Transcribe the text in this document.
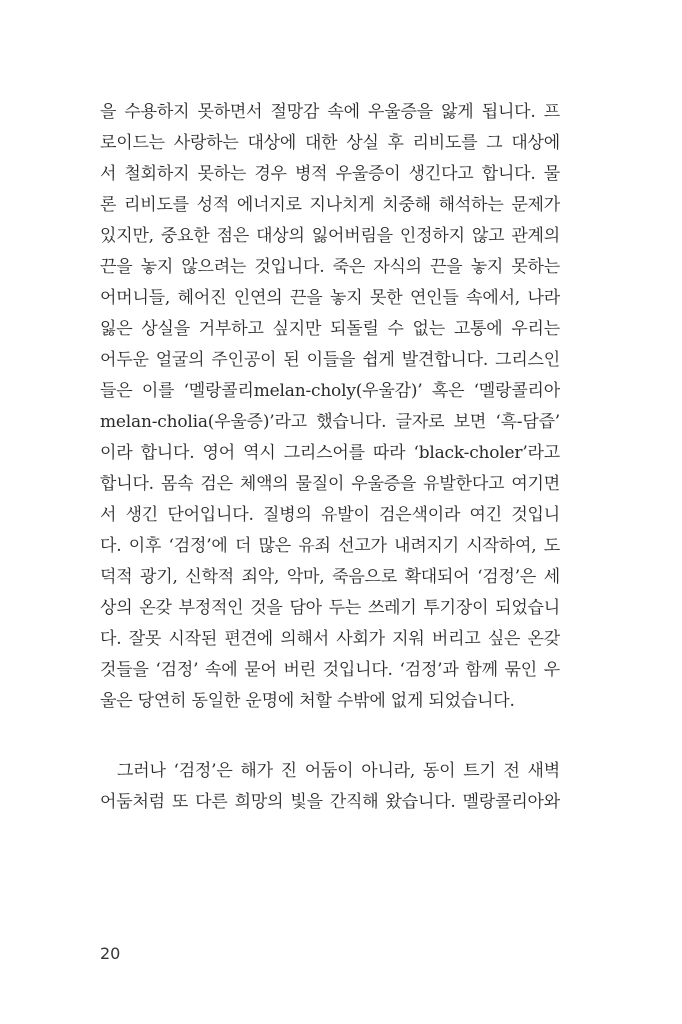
을 수용하지 못하면서 절망감 속에 우울증을 앓게 됩니다. 프
로이드는 사랑하는 대상에 대한 상실 후 리비도를 그 대상에
서 철회하지 못하는 경우 병적 우울증이 생긴다고 합니다. 물
론 리비도를 성적 에너지로 지나치게 치중해 해석하는 문제가
있지만, 중요한 점은 대상의 잃어버림을 인정하지 않고 관계의
끈을 놓지 않으려는 것입니다. 죽은 자식의 끈을 놓지 못하는
어머니들, 헤어진 인연의 끈을 놓지 못한 연인들 속에서, 나라
잃은 상실을 거부하고 싶지만 되돌릴 수 없는 고통에 우리는
어두운 얼굴의 주인공이 된 이들을 쉽게 발견합니다. 그리스인
들은 이를 ‘멜랑콜리melan-choly(우울감)’ 혹은 ‘멜랑콜리아
melan-cholia(우울증)’라고 했습니다. 글자로 보면 ‘흑-담즙’
이라 합니다. 영어 역시 그리스어를 따라 ‘black-choler’라고
합니다. 몸속 검은 체액의 물질이 우울증을 유발한다고 여기면
서 생긴 단어입니다. 질병의 유발이 검은색이라 여긴 것입니
다. 이후 ‘검정’에 더 많은 유죄 선고가 내려지기 시작하여, 도
덕적 광기, 신학적 죄악, 악마, 죽음으로 확대되어 ‘검정’은 세
상의 온갖 부정적인 것을 담아 두는 쓰레기 투기장이 되었습니
다. 잘못 시작된 편견에 의해서 사회가 지워 버리고 싶은 온갖
것들을 ‘검정’ 속에 묻어 버린 것입니다. ‘검정’과 함께 묶인 우
울은 당연히 동일한 운명에 처할 수밖에 없게 되었습니다.
그러나 ‘검정’은 해가 진 어둠이 아니라, 동이 트기 전 새벽
어둠처럼 또 다른 희망의 빛을 간직해 왔습니다. 멜랑콜리아와
20
